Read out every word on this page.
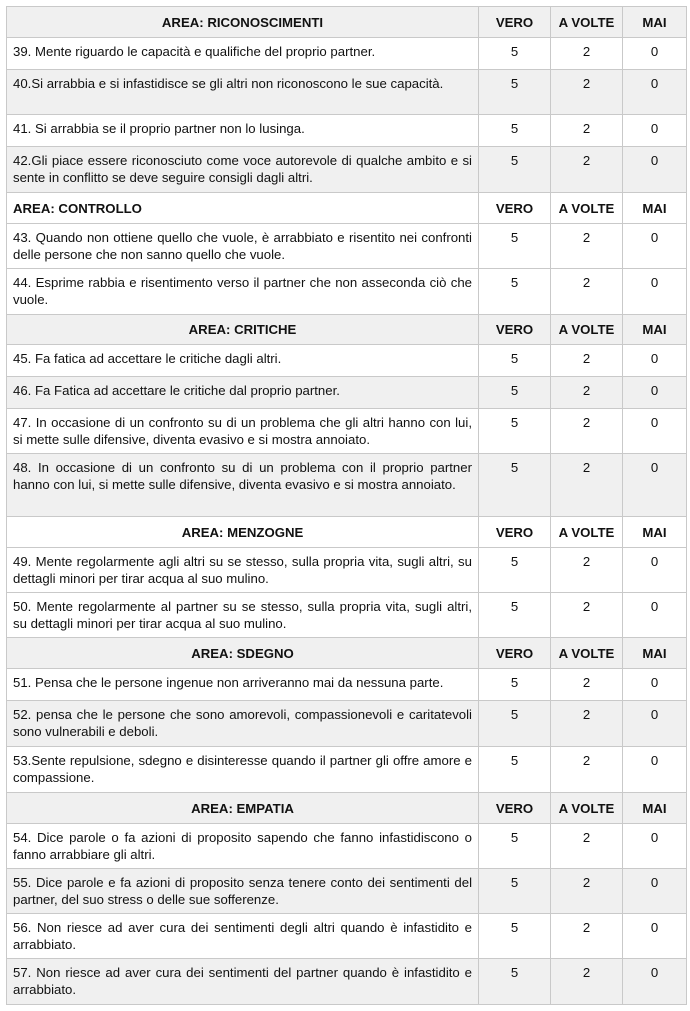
AREA: RICONOSCIMENTI	VERO	A VOLTE	MAI
39. Mente riguardo le capacità e qualifiche del proprio partner.	5	2	0
40.Si arrabbia e si infastidisce se gli altri non riconoscono le sue capacità.	5	2	0
41. Si arrabbia se il proprio partner non lo lusinga.	5	2	0
42.Gli piace essere riconosciuto come voce autorevole di qualche ambito e si sente in conflitto se deve seguire consigli dagli altri.	5	2	0
AREA: CONTROLLO	VERO	A VOLTE	MAI
43. Quando non ottiene quello che vuole, è arrabbiato e risentito nei confronti delle persone che non sanno quello che vuole.	5	2	0
44. Esprime rabbia e risentimento verso il partner che non asseconda ciò che vuole.	5	2	0
AREA: CRITICHE	VERO	A VOLTE	MAI
45. Fa fatica ad accettare le critiche dagli altri.	5	2	0
46. Fa Fatica ad accettare le critiche dal proprio partner.	5	2	0
47. In occasione di un confronto su di un problema che gli altri hanno con lui, si mette sulle difensive, diventa evasivo e si mostra annoiato.	5	2	0
48. In occasione di un confronto su di un problema con il proprio partner hanno con lui, si mette sulle difensive, diventa evasivo e si mostra annoiato.	5	2	0
AREA: MENZOGNE	VERO	A VOLTE	MAI
49. Mente regolarmente agli altri su se stesso, sulla propria vita, sugli altri, su dettagli minori per tirar acqua al suo mulino.	5	2	0
50. Mente regolarmente al partner su se stesso, sulla propria vita, sugli altri, su dettagli minori per tirar acqua al suo mulino.	5	2	0
AREA: SDEGNO	VERO	A VOLTE	MAI
51. Pensa che le persone ingenue non arriveranno mai da nessuna parte.	5	2	0
52. pensa che le persone che sono amorevoli, compassionevoli e caritatevoli sono vulnerabili e deboli.	5	2	0
53.Sente repulsione, sdegno e disinteresse quando il partner gli offre amore e compassione.	5	2	0
AREA: EMPATIA	VERO	A VOLTE	MAI
54. Dice parole o fa azioni di proposito sapendo che fanno infastidiscono o fanno arrabbiare gli altri.	5	2	0
55. Dice parole e fa azioni di proposito senza tenere conto dei sentimenti del partner, del suo stress o delle sue sofferenze.	5	2	0
56. Non riesce ad aver cura dei sentimenti degli altri quando è infastidito e arrabbiato.	5	2	0
57. Non riesce ad aver cura dei sentimenti del partner quando è infastidito e arrabbiato.	5	2	0
